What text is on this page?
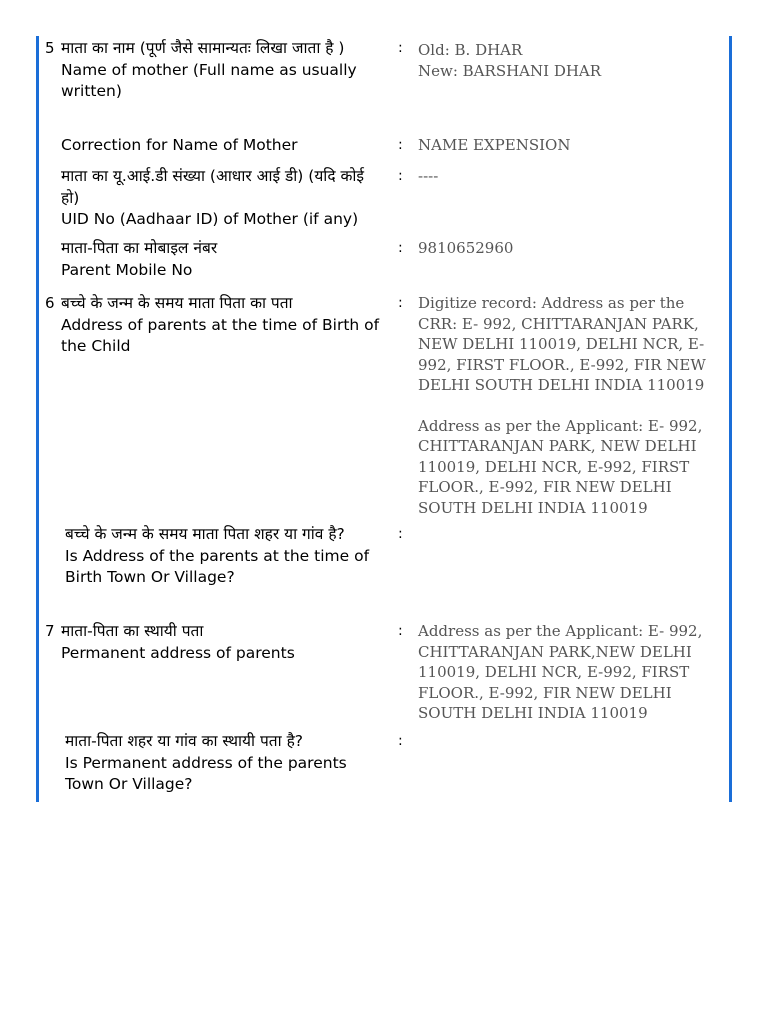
5 माता का नाम (पूर्ण जैसे सामान्यतः लिखा जाता है )

Name of mother (Full name as usually written)

: Old: B. DHAR

New: BARSHANI DHAR

Correction for Name of Mother	: NAME EXPENSION

माता का यू.आई.डी संख्या (आधार आई डी) (यदि कोई हो)

UID No (Aadhaar ID) of Mother (if any)

: ----

माता-पिता का मोबाइल नंबर

Parent Mobile No

: 9810652960

6 बच्चे के जन्म के समय माता पिता का पता

Address of parents at the time of Birth of the Child

: Digitize record: Address as per the CRR: E- 992, CHITTARANJAN PARK, NEW DELHI 110019, DELHI NCR, E-992, FIRST FLOOR., E-992, FIR NEW DELHI SOUTH DELHI INDIA 110019

Address as per the Applicant: E- 992, CHITTARANJAN PARK, NEW DELHI 110019, DELHI NCR, E-992, FIRST FLOOR., E-992, FIR NEW DELHI SOUTH DELHI INDIA 110019

बच्चे के जन्म के समय माता पिता शहर या गांव है?

Is Address of the parents at the time of Birth Town Or Village?

:
7 माता-पिता का स्थायी पता

Permanent address of parents

: Address as per the Applicant: E- 992, CHITTARANJAN PARK,NEW DELHI 110019, DELHI NCR, E-992, FIRST FLOOR., E-992, FIR NEW DELHI SOUTH DELHI INDIA 110019

माता-पिता शहर या गांव का स्थायी पता है?

Is Permanent address of the parents Town Or Village?

:
